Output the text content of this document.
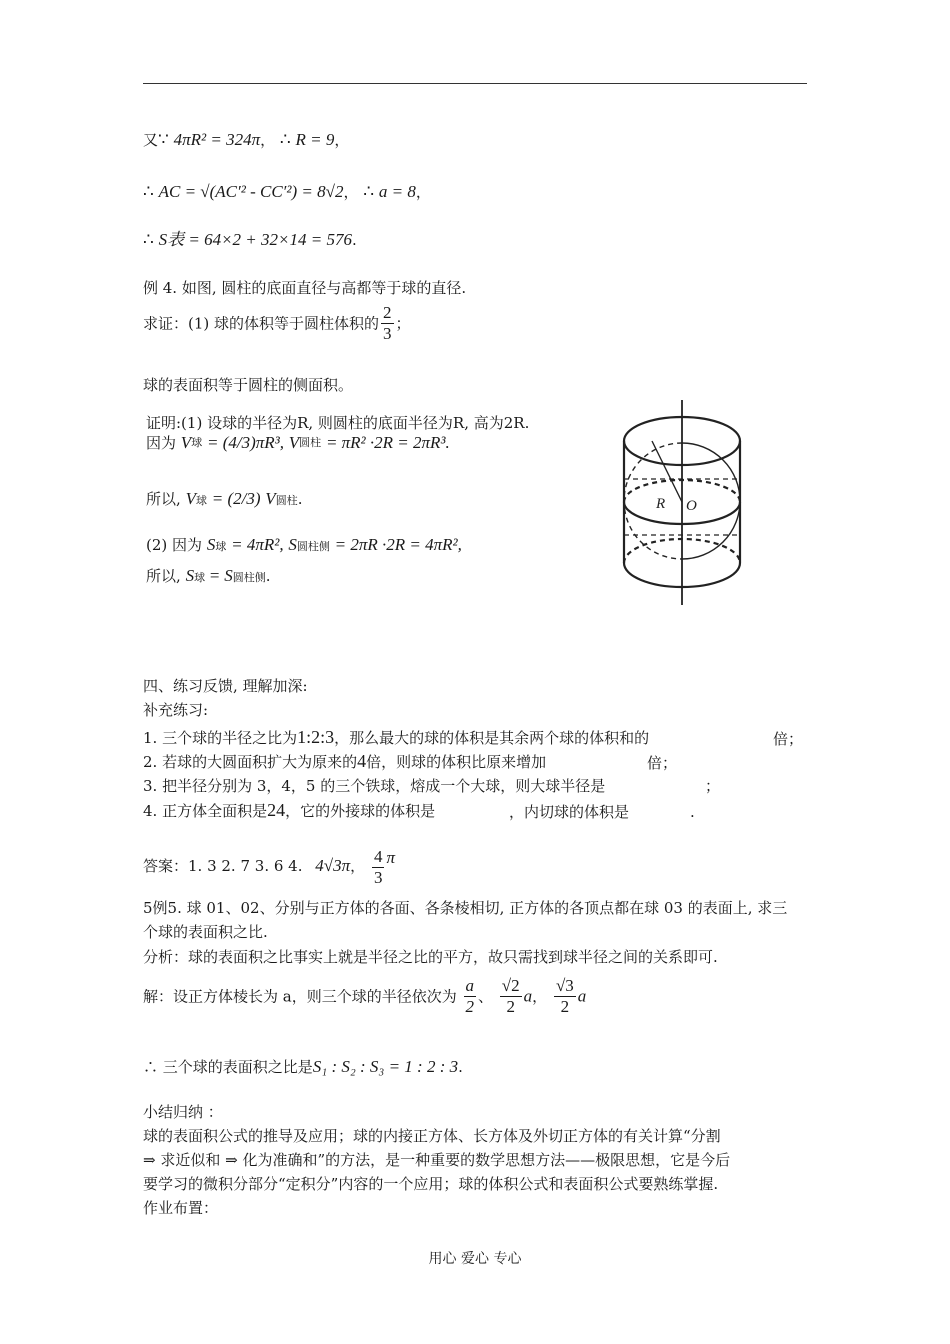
又∵ 4πR² = 324π， ∴ R = 9，
∴ AC = √(AC′² - CC′²) = 8√2， ∴ a = 8，
∴ S表 = 64×2 + 32×14 = 576.
例 4. 如图, 圆柱的底面直径与高都等于球的直径.
求证：(1) 球的体积等于圆柱体积的 $\frac{2}{3}$ ；
球的表面积等于圆柱的侧面积。
证明:(1) 设球的半径为R, 则圆柱的底面半径为R, 高为2R.
因为 V球 = (4/3)πR³, V圆柱 = πR² ·2R = 2πR³.
所以, V球 = (2/3) V圆柱.
(2) 因为 S球 = 4πR², S圆柱侧 = 2πR ·2R = 4πR²,
所以, S球 = S圆柱侧.
R O
四、练习反馈, 理解加深:
补充练习:
1. 三个球的半径之比为1:2:3，那么最大的球的体积是其余两个球的体积和的	倍；
2. 若球的大圆面积扩大为原来的4倍，则球的体积比原来增加	倍；
3. 把半径分别为 3，4，5 的三个铁球，熔成一个大球，则大球半径是	；
4. 正方体全面积是24，它的外接球的体积是	，内切球的体积是	.
答案：1. 3 2. 7 3. 6 4. 4√3π， $\frac{4}{3}$ π
5例5. 球 01、02、分别与正方体的各面、各条棱相切, 正方体的各顶点都在球 03 的表面上, 求三
个球的表面积之比.
分析：球的表面积之比事实上就是半径之比的平方，故只需找到球半径之间的关系即可.
解：设正方体棱长为 a，则三个球的半径依次为 $\frac{a}{2}$ 、 $\frac{√2}{2}$ a， $\frac{√3}{2}$ a
∴ 三个球的表面积之比是S₁ : S₂ : S₃ = 1 : 2 : 3.
小结归纳 ：
球的表面积公式的推导及应用；球的内接正方体、长方体及外切正方体的有关计算“分割
⇒ 求近似和 ⇒ 化为准确和”的方法，是一种重要的数学思想方法——极限思想，它是今后
要学习的微积分部分“定积分”内容的一个应用；球的体积公式和表面积公式要熟练掌握.
作业布置：
用心 爱心 专心
